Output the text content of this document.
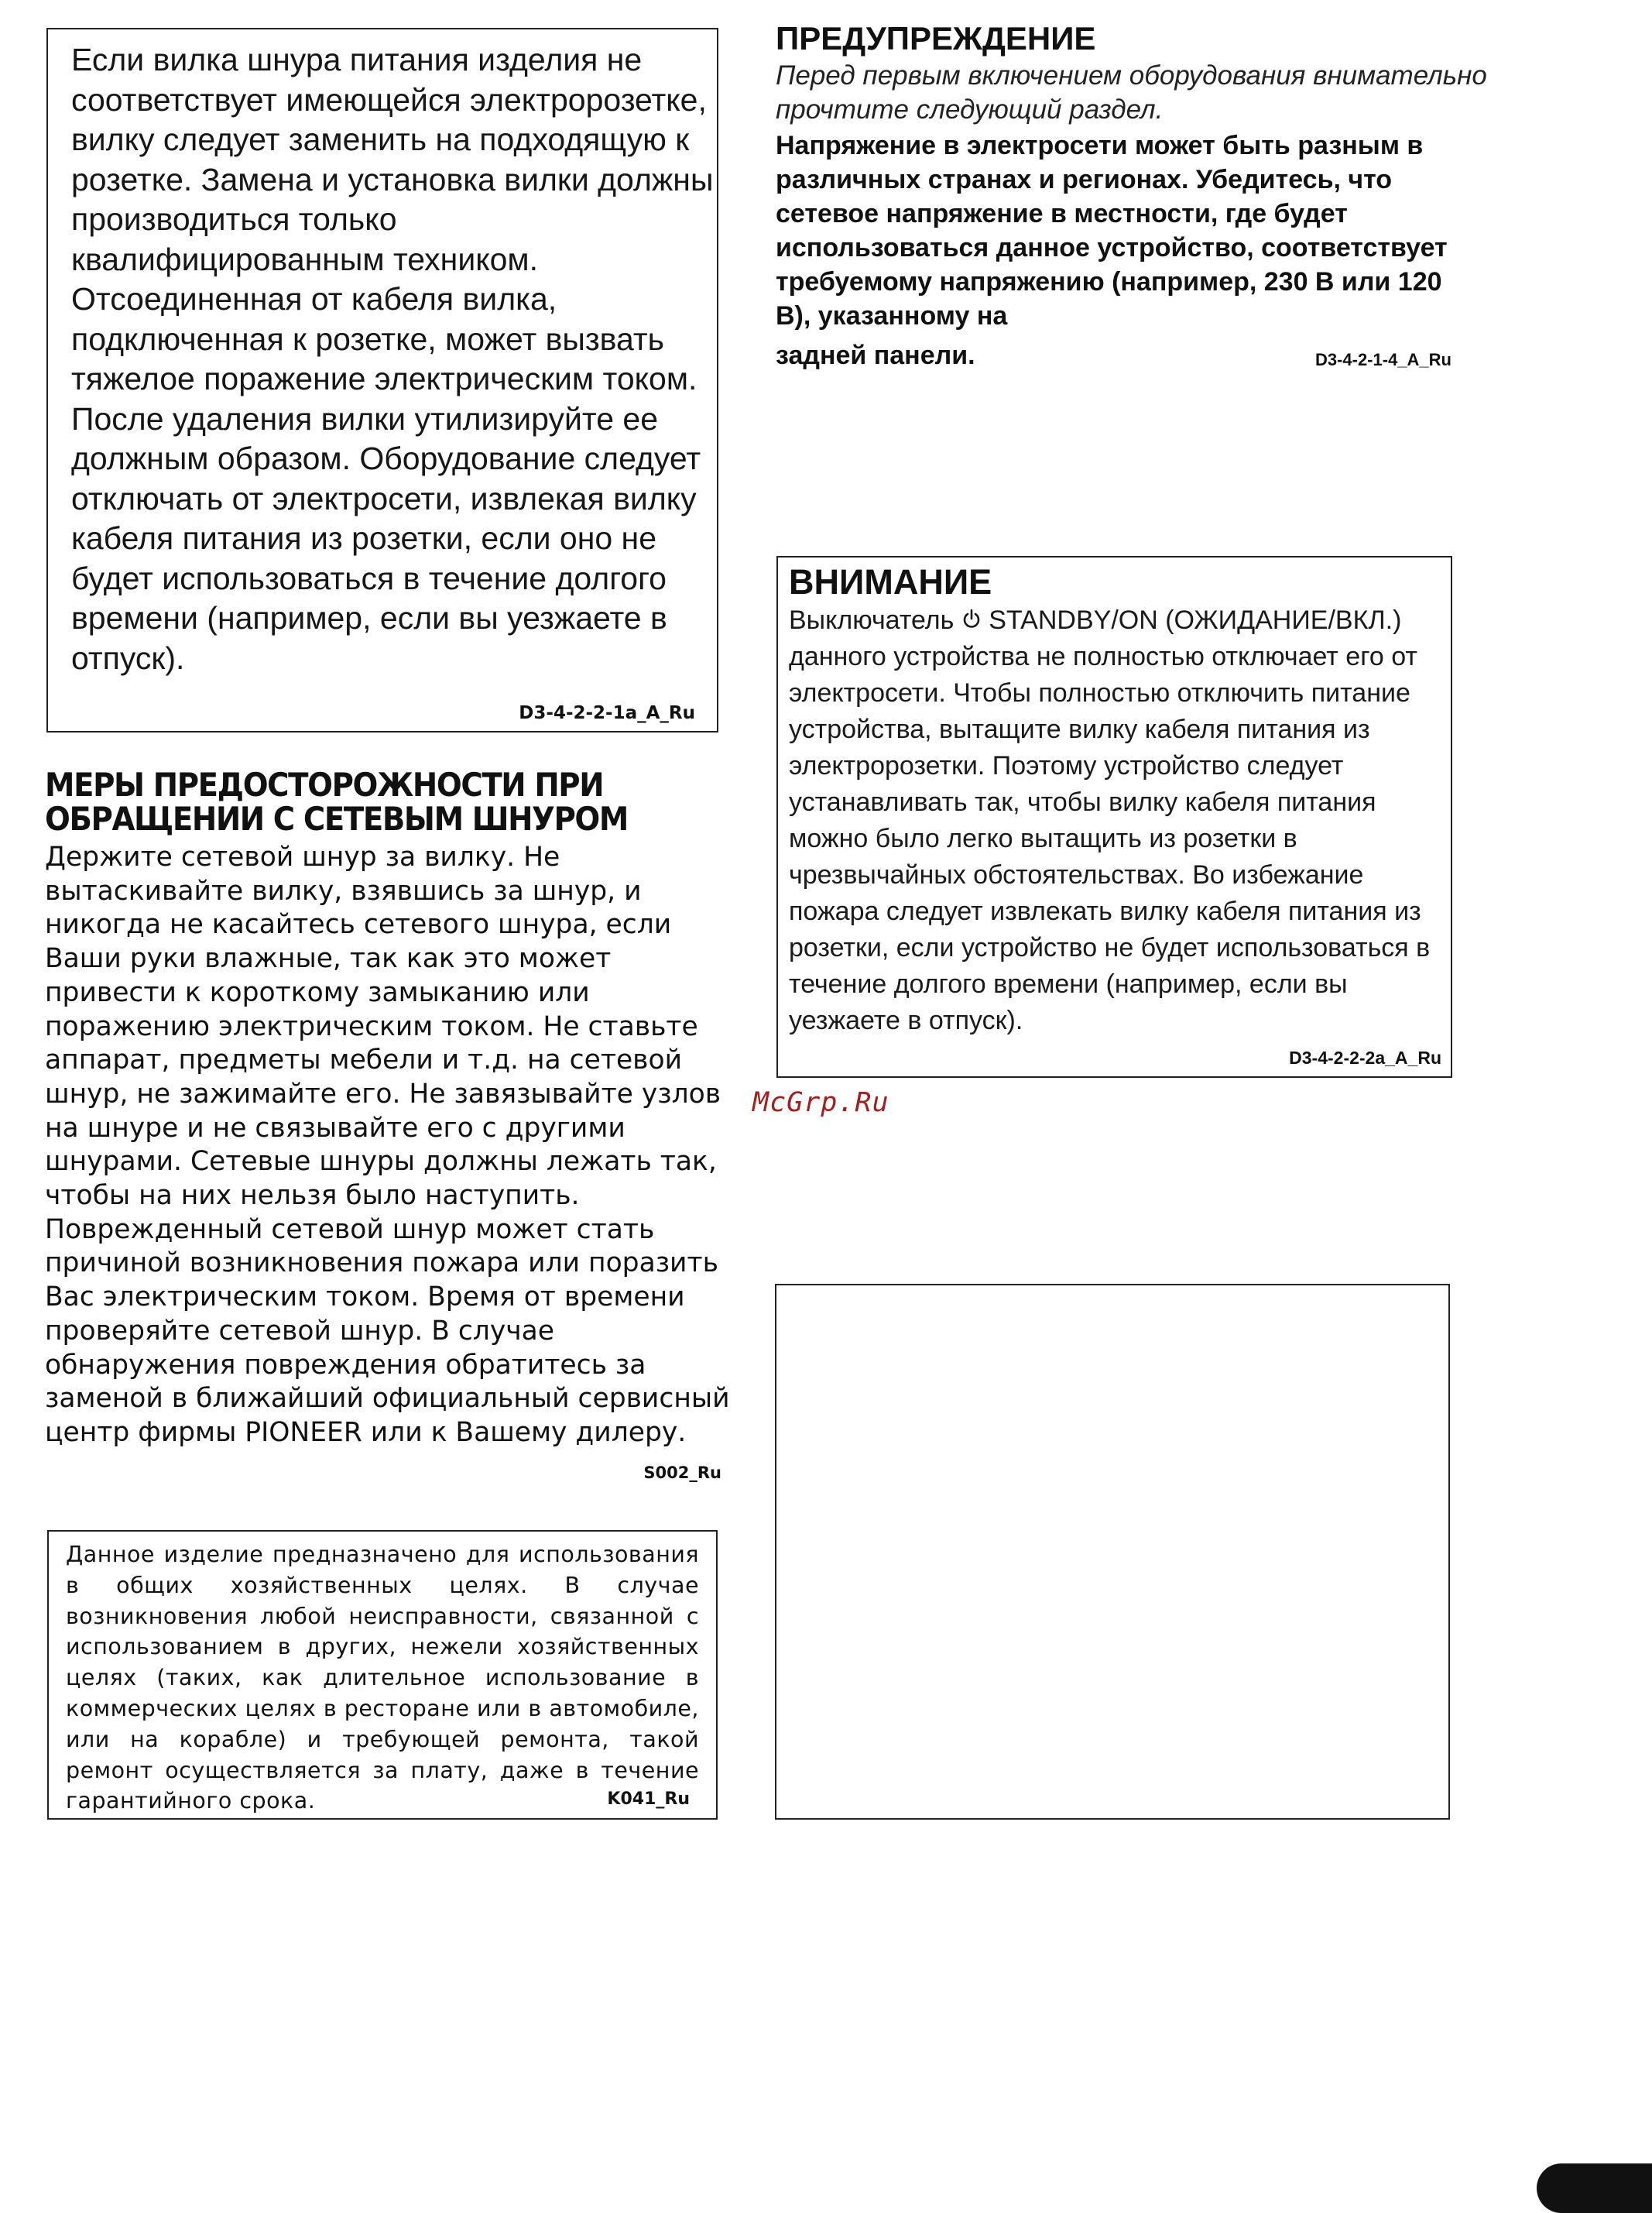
Если вилка шнура питания изделия не соответствует имеющейся электророзетке, вилку следует заменить на подходящую к розетке. Замена и установка вилки должны производиться только квалифицированным техником. Отсоединенная от кабеля вилка, подключенная к розетке, может вызвать тяжелое поражение электрическим током. После удаления вилки утилизируйте ее должным образом. Оборудование следует отключать от электросети, извлекая вилку кабеля питания из розетки, если оно не будет использоваться в течение долгого времени (например, если вы уезжаете в отпуск).
D3-4-2-2-1a_A_Ru
МЕРЫ ПРЕДОСТОРОЖНОСТИ ПРИ
ОБРАЩЕНИИ С СЕТЕВЫМ ШНУРОМ
Держите сетевой шнур за вилку. Не вытаскивайте вилку, взявшись за шнур, и никогда не касайтесь сетевого шнура, если Ваши руки влажные, так как это может привести к короткому замыканию или поражению электрическим током. Не ставьте аппарат, предметы мебели и т.д. на сетевой шнур, не зажимайте его. Не завязывайте узлов на шнуре и не связывайте его с другими шнурами. Сетевые шнуры должны лежать так, чтобы на них нельзя было наступить. Поврежденный сетевой шнур может стать причиной возникновения пожара или поразить Вас электрическим током. Время от времени проверяйте сетевой шнур. В случае обнаружения повреждения обратитесь за заменой в ближайший официальный сервисный центр фирмы PIONEER или к Вашему дилеру.
S002_Ru
Данное изделие предназначено для использования в общих хозяйственных целях. В случае возникновения любой неисправности, связанной с использованием в других, нежели хозяйственных целях (таких, как длительное использование в коммерческих целях в ресторане или в автомобиле, или на корабле) и требующей ремонта, такой ремонт осуществляется за плату, даже в течение гарантийного срока.	K041_Ru
ПРЕДУПРЕЖДЕНИЕ
Перед первым включением оборудования внимательно прочтите следующий раздел.
Напряжение в электросети может быть разным в различных странах и регионах. Убедитесь, что сетевое напряжение в местности, где будет использоваться данное устройство, соответствует требуемому напряжению (например, 230 В или 120 В), указанному на
задней панели.	D3-4-2-1-4_A_Ru
ВНИМАНИЕ
Выключатель  STANDBY/ON (ОЖИДАНИЕ/ВКЛ.) данного устройства не полностью отключает его от электросети. Чтобы полностью отключить питание устройства, вытащите вилку кабеля питания из электророзетки. Поэтому устройство следует устанавливать так, чтобы вилку кабеля питания можно было легко вытащить из розетки в чрезвычайных обстоятельствах. Во избежание пожара следует извлекать вилку кабеля питания из розетки, если устройство не будет использоваться в течение долгого времени (например, если вы уезжаете в отпуск).
D3-4-2-2-2a_A_Ru
McGrp.Ru
